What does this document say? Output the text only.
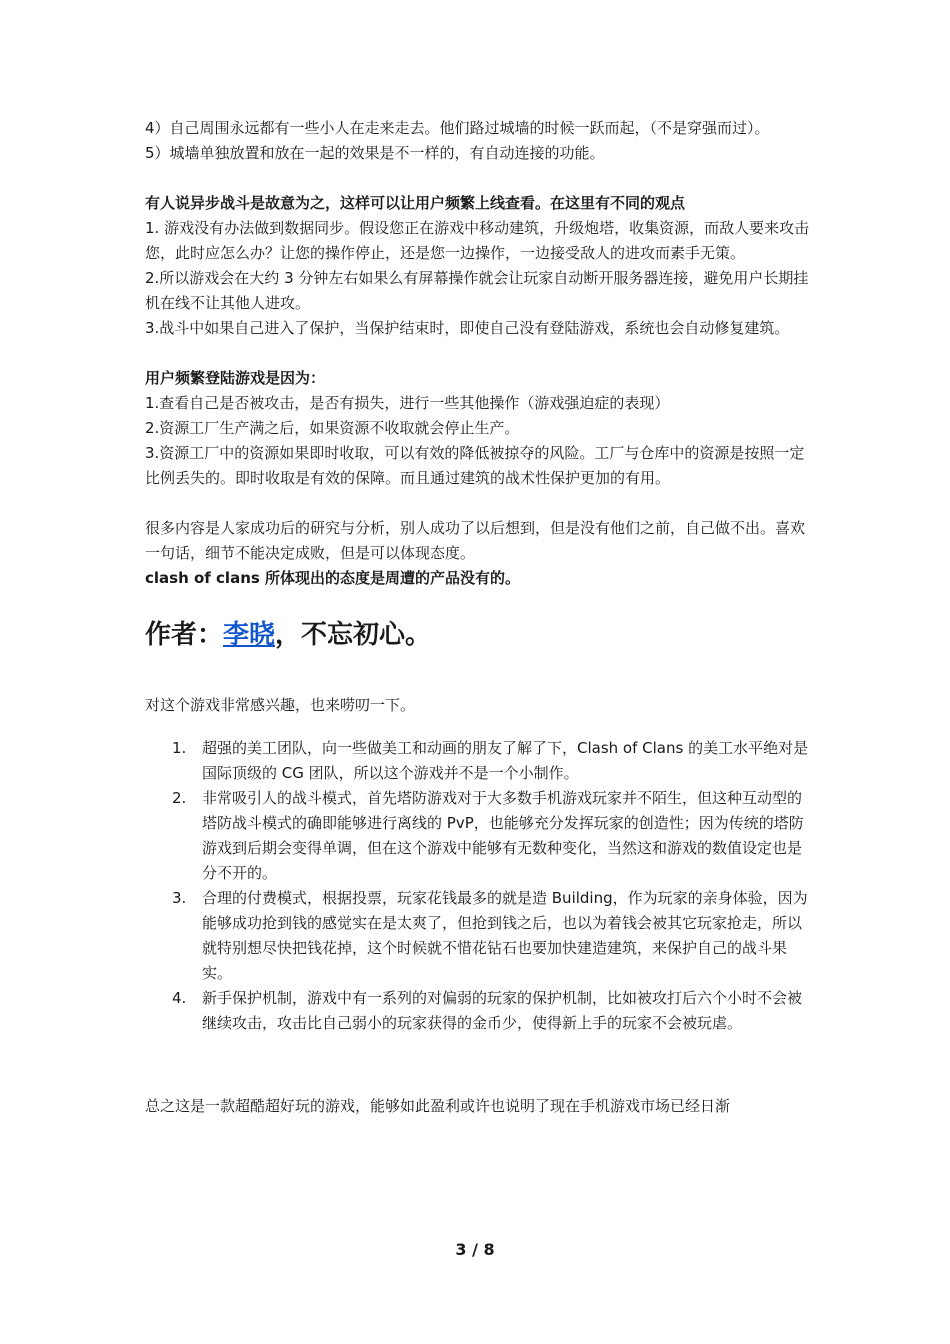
4）自己周围永远都有一些小人在走来走去。他们路过城墙的时候一跃而起，（不是穿强而过）。

5）城墙单独放置和放在一起的效果是不一样的，有自动连接的功能。

有人说异步战斗是故意为之，这样可以让用户频繁上线查看。在这里有不同的观点

1. 游戏没有办法做到数据同步。假设您正在游戏中移动建筑，升级炮塔，收集资源，而敌人要来攻击您，此时应怎么办？让您的操作停止，还是您一边操作，一边接受敌人的进攻而素手无策。

2.所以游戏会在大约 3 分钟左右如果么有屏幕操作就会让玩家自动断开服务器连接，避免用户长期挂机在线不让其他人进攻。

3.战斗中如果自己进入了保护，当保护结束时，即使自己没有登陆游戏，系统也会自动修复建筑。

用户频繁登陆游戏是因为：

1.查看自己是否被攻击，是否有损失，进行一些其他操作（游戏强迫症的表现）

2.资源工厂生产满之后，如果资源不收取就会停止生产。

3.资源工厂中的资源如果即时收取，可以有效的降低被掠夺的风险。工厂与仓库中的资源是按照一定比例丢失的。即时收取是有效的保障。而且通过建筑的战术性保护更加的有用。

很多内容是人家成功后的研究与分析，别人成功了以后想到，但是没有他们之前，自己做不出。喜欢一句话，细节不能决定成败，但是可以体现态度。

clash of clans 所体现出的态度是周遭的产品没有的。

作者：李晓，不忘初心。

对这个游戏非常感兴趣，也来唠叨一下。

1. 超强的美工团队，向一些做美工和动画的朋友了解了下，Clash of Clans 的美工水平绝对是国际顶级的 CG 团队，所以这个游戏并不是一个小制作。
2. 非常吸引人的战斗模式，首先塔防游戏对于大多数手机游戏玩家并不陌生，但这种互动型的塔防战斗模式的确即能够进行离线的 PvP，也能够充分发挥玩家的创造性；因为传统的塔防游戏到后期会变得单调，但在这个游戏中能够有无数种变化，当然这和游戏的数值设定也是分不开的。
3. 合理的付费模式，根据投票，玩家花钱最多的就是造 Building，作为玩家的亲身体验，因为能够成功抢到钱的感觉实在是太爽了，但抢到钱之后，也以为着钱会被其它玩家抢走，所以就特别想尽快把钱花掉，这个时候就不惜花钻石也要加快建造建筑，来保护自己的战斗果实。
4. 新手保护机制，游戏中有一系列的对偏弱的玩家的保护机制，比如被攻打后六个小时不会被继续攻击，攻击比自己弱小的玩家获得的金币少，使得新上手的玩家不会被玩虐。

总之这是一款超酷超好玩的游戏，能够如此盈利或许也说明了现在手机游戏市场已经日渐

3 / 8
